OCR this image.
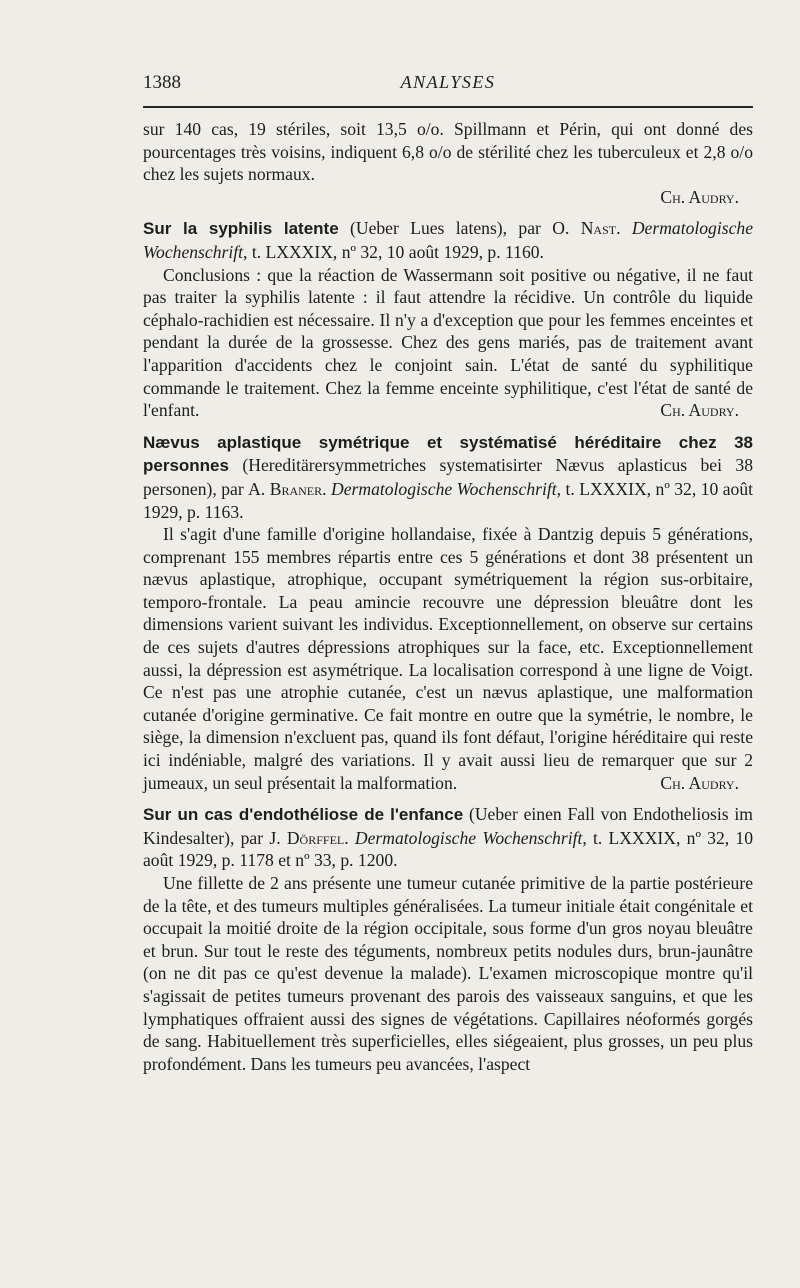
1388	ANALYSES

sur 140 cas, 19 stériles, soit 13,5 o/o. Spillmann et Périn, qui ont donné des pourcentages très voisins, indiquent 6,8 o/o de stérilité chez les tuberculeux et 2,8 o/o chez les sujets normaux.

Ch. Audry.

Sur la syphilis latente (Ueber Lues latens), par O. Nast. Dermatologische Wochenschrift, t. LXXXIX, nº 32, 10 août 1929, p. 1160.

Conclusions : que la réaction de Wassermann soit positive ou négative, il ne faut pas traiter la syphilis latente : il faut attendre la récidive. Un contrôle du liquide céphalo-rachidien est nécessaire. Il n'y a d'exception que pour les femmes enceintes et pendant la durée de la grossesse. Chez des gens mariés, pas de traitement avant l'apparition d'accidents chez le conjoint sain. L'état de santé du syphilitique commande le traitement. Chez la femme enceinte syphilitique, c'est l'état de santé de l'enfant.	Ch. Audry.

Nævus aplastique symétrique et systématisé héréditaire chez 38 personnes (Hereditärersymmetriches systematisirter Nævus aplasticus bei 38 personen), par A. Braner. Dermatologische Wochenschrift, t. LXXXIX, nº 32, 10 août 1929, p. 1163.

Il s'agit d'une famille d'origine hollandaise, fixée à Dantzig depuis 5 générations, comprenant 155 membres répartis entre ces 5 générations et dont 38 présentent un nævus aplastique, atrophique, occupant symétriquement la région sus-orbitaire, temporo-frontale. La peau amincie recouvre une dépression bleuâtre dont les dimensions varient suivant les individus. Exceptionnellement, on observe sur certains de ces sujets d'autres dépressions atrophiques sur la face, etc. Exceptionnellement aussi, la dépression est asymétrique. La localisation correspond à une ligne de Voigt. Ce n'est pas une atrophie cutanée, c'est un nævus aplastique, une malformation cutanée d'origine germinative. Ce fait montre en outre que la symétrie, le nombre, le siège, la dimension n'excluent pas, quand ils font défaut, l'origine héréditaire qui reste ici indéniable, malgré des variations. Il y avait aussi lieu de remarquer que sur 2 jumeaux, un seul présentait la malformation.	Ch. Audry.

Sur un cas d'endothéliose de l'enfance (Ueber einen Fall von Endotheliosis im Kindesalter), par J. Dörffel. Dermatologische Wochenschrift, t. LXXXIX, nº 32, 10 août 1929, p. 1178 et nº 33, p. 1200.

Une fillette de 2 ans présente une tumeur cutanée primitive de la partie postérieure de la tête, et des tumeurs multiples généralisées. La tumeur initiale était congénitale et occupait la moitié droite de la région occipitale, sous forme d'un gros noyau bleuâtre et brun. Sur tout le reste des téguments, nombreux petits nodules durs, brun-jaunâtre (on ne dit pas ce qu'est devenue la malade). L'examen microscopique montre qu'il s'agissait de petites tumeurs provenant des parois des vaisseaux sanguins, et que les lymphatiques offraient aussi des signes de végétations. Capillaires néoformés gorgés de sang. Habituellement très superficielles, elles siégeaient, plus grosses, un peu plus profondément. Dans les tumeurs peu avancées, l'aspect
